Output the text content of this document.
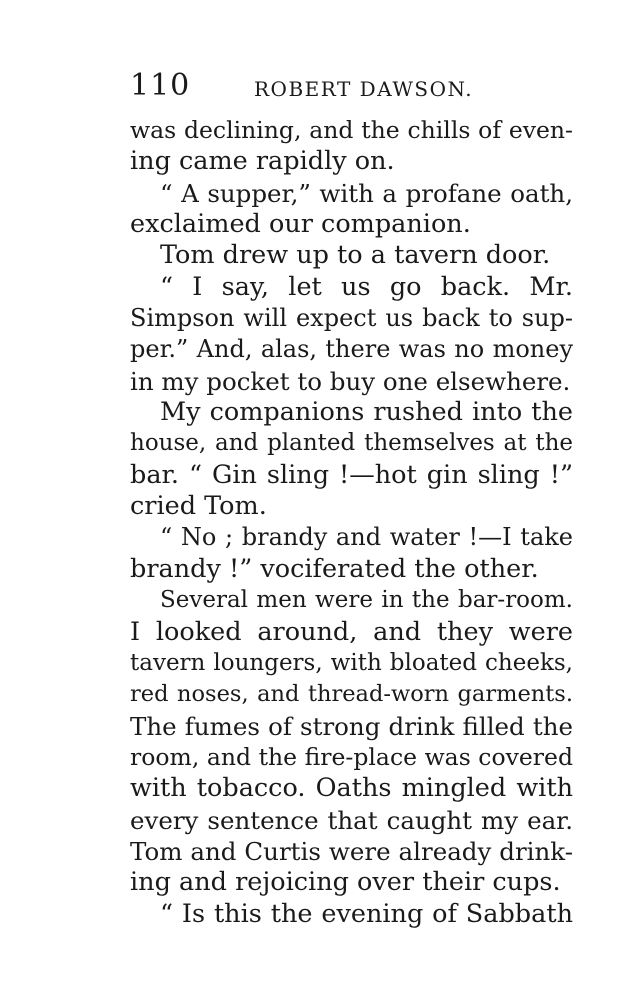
110	ROBERT DAWSON.
was declining, and the chills of even-
ing came rapidly on.
“ A supper,” with a profane oath,
exclaimed our companion.
Tom drew up to a tavern door.
“ I say, let us go back. Mr.
Simpson will expect us back to sup-
per.” And, alas, there was no money
in my pocket to buy one elsewhere.
My companions rushed into the
house, and planted themselves at the
bar. “ Gin sling !—hot gin sling !”
cried Tom.
“ No ; brandy and water !—I take
brandy !” vociferated the other.
Several men were in the bar-room.
I looked around, and they were
tavern loungers, with bloated cheeks,
red noses, and thread-worn garments.
The fumes of strong drink filled the
room, and the fire-place was covered
with tobacco. Oaths mingled with
every sentence that caught my ear.
Tom and Curtis were already drink-
ing and rejoicing over their cups.
“ Is this the evening of Sabbath
